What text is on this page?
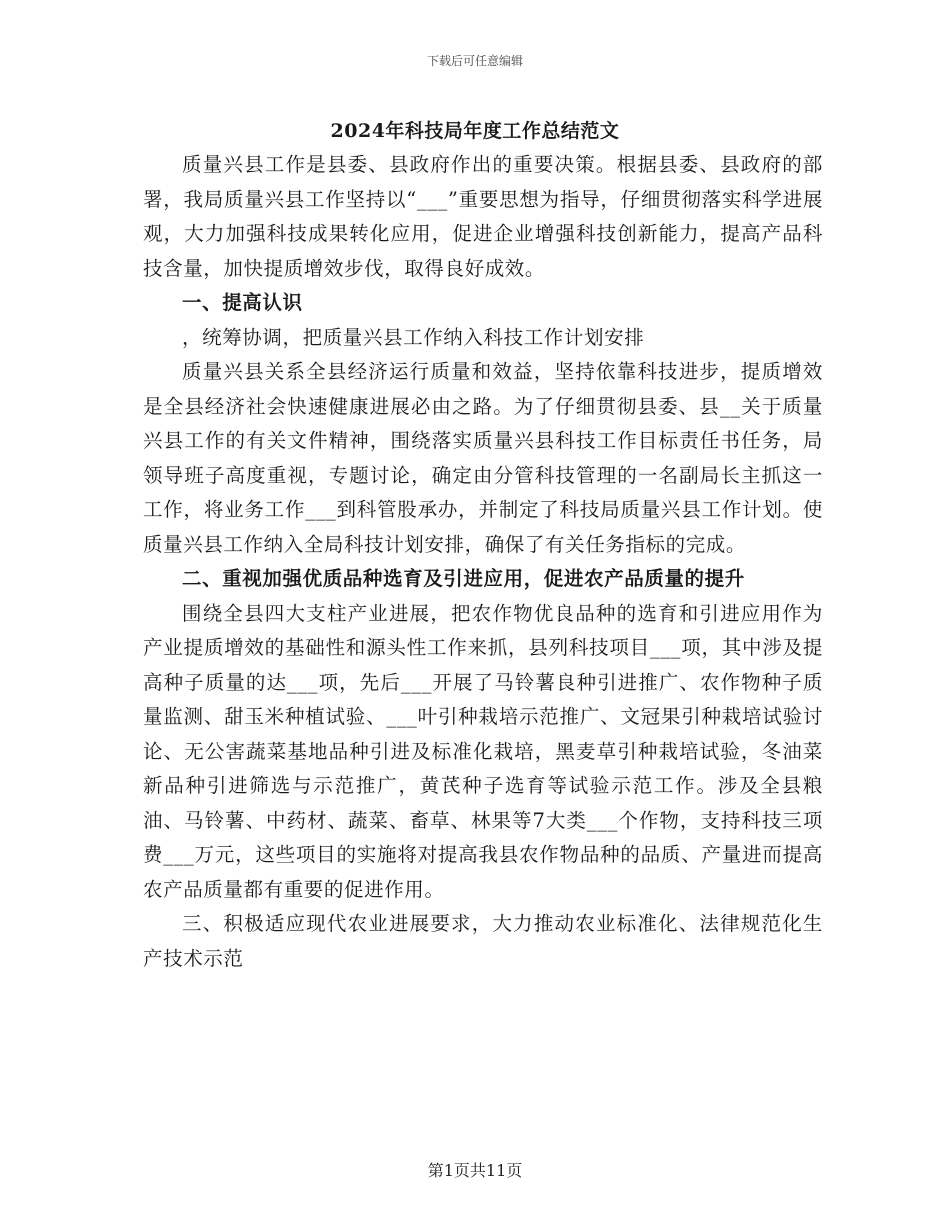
下载后可任意编辑
2024年科技局年度工作总结范文

质量兴县工作是县委、县政府作出的重要决策。根据县委、县政府的部署，我局质量兴县工作坚持以“___”重要思想为指导，仔细贯彻落实科学进展观，大力加强科技成果转化应用，促进企业增强科技创新能力，提高产品科技含量，加快提质增效步伐，取得良好成效。

一、提高认识

，统筹协调，把质量兴县工作纳入科技工作计划安排

质量兴县关系全县经济运行质量和效益，坚持依靠科技进步，提质增效是全县经济社会快速健康进展必由之路。为了仔细贯彻县委、县__关于质量兴县工作的有关文件精神，围绕落实质量兴县科技工作目标责任书任务，局领导班子高度重视，专题讨论，确定由分管科技管理的一名副局长主抓这一工作，将业务工作___到科管股承办，并制定了科技局质量兴县工作计划。使质量兴县工作纳入全局科技计划安排，确保了有关任务指标的完成。

二、重视加强优质品种选育及引进应用，促进农产品质量的提升

围绕全县四大支柱产业进展，把农作物优良品种的选育和引进应用作为产业提质增效的基础性和源头性工作来抓，县列科技项目___项，其中涉及提高种子质量的达___项，先后___开展了马铃薯良种引进推广、农作物种子质量监测、甜玉米种植试验、___叶引种栽培示范推广、文冠果引种栽培试验讨论、无公害蔬菜基地品种引进及标准化栽培，黑麦草引种栽培试验，冬油菜新品种引进筛选与示范推广，黄芪种子选育等试验示范工作。涉及全县粮油、马铃薯、中药材、蔬菜、畜草、林果等7大类___个作物，支持科技三项费___万元，这些项目的实施将对提高我县农作物品种的品质、产量进而提高农产品质量都有重要的促进作用。

三、积极适应现代农业进展要求，大力推动农业标准化、法律规范化生产技术示范

第1页共11页
